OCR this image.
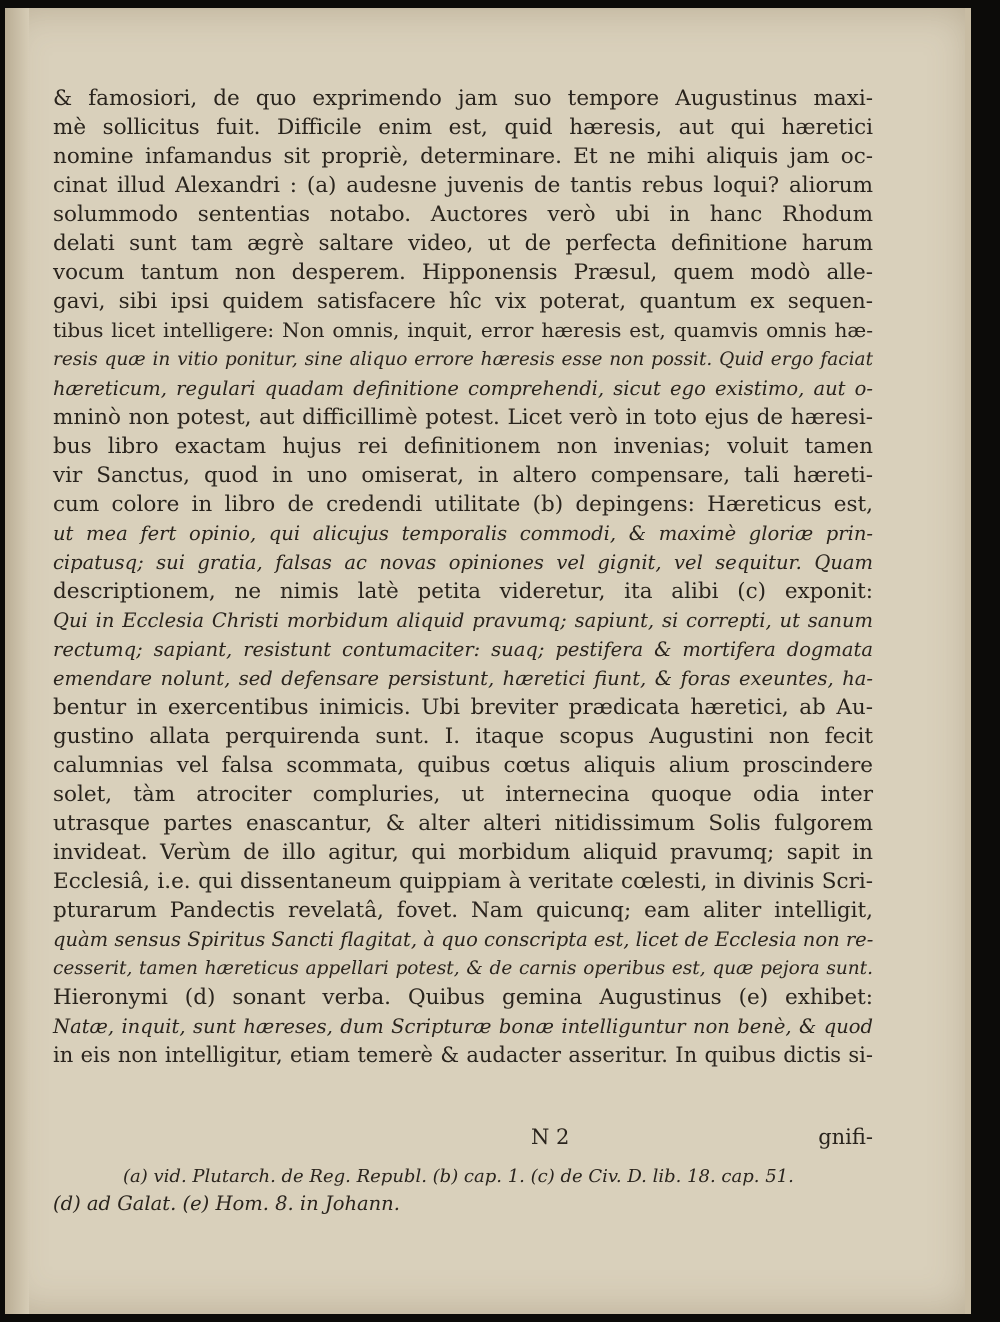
& famosiori, de quo exprimendo jam suo tempore Augustinus maxi-
mè sollicitus fuit. Difficile enim est, quid hæresis, aut qui hæretici
nomine infamandus sit propriè, determinare. Et ne mihi aliquis jam oc-
cinat illud Alexandri : (a) audesne juvenis de tantis rebus loqui? aliorum
solummodo sententias notabo. Auctores verò ubi in hanc Rhodum
delati sunt tam ægrè saltare video, ut de perfecta definitione harum
vocum tantum non desperem. Hipponensis Præsul, quem modò alle-
gavi, sibi ipsi quidem satisfacere hîc vix poterat, quantum ex sequen-
tibus licet intelligere: Non omnis, inquit, error hæresis est, quamvis omnis hæ-
resis quæ in vitio ponitur, sine aliquo errore hæresis esse non possit. Quid ergo faciat
hæreticum, regulari quadam definitione comprehendi, sicut ego existimo, aut o-
mninò non potest, aut difficillimè potest. Licet verò in toto ejus de hæresi-
bus libro exactam hujus rei definitionem non invenias; voluit tamen
vir Sanctus, quod in uno omiserat, in altero compensare, tali hæreti-
cum colore in libro de credendi utilitate (b) depingens: Hæreticus est,
ut mea fert opinio, qui alicujus temporalis commodi, & maximè gloriæ prin-
cipatusq; sui gratia, falsas ac novas opiniones vel gignit, vel sequitur. Quam
descriptionem, ne nimis latè petita videretur, ita alibi (c) exponit:
Qui in Ecclesia Christi morbidum aliquid pravumq; sapiunt, si correpti, ut sanum
rectumq; sapiant, resistunt contumaciter: suaq; pestifera & mortifera dogmata
emendare nolunt, sed defensare persistunt, hæretici fiunt, & foras exeuntes, ha-
bentur in exercentibus inimicis. Ubi breviter prædicata hæretici, ab Au-
gustino allata perquirenda sunt. I. itaque scopus Augustini non fecit
calumnias vel falsa scommata, quibus cœtus aliquis alium proscindere
solet, tàm atrociter compluries, ut internecina quoque odia inter
utrasque partes enascantur, & alter alteri nitidissimum Solis fulgorem
invideat. Verùm de illo agitur, qui morbidum aliquid pravumq; sapit in
Ecclesiâ, i.e. qui dissentaneum quippiam à veritate cœlesti, in divinis Scri-
pturarum Pandectis revelatâ, fovet. Nam quicunq; eam aliter intelligit,
quàm sensus Spiritus Sancti flagitat, à quo conscripta est, licet de Ecclesia non re-
cesserit, tamen hæreticus appellari potest, & de carnis operibus est, quæ pejora sunt.
Hieronymi (d) sonant verba. Quibus gemina Augustinus (e) exhibet:
Natæ, inquit, sunt hæreses, dum Scripturæ bonæ intelliguntur non benè, & quod
in eis non intelligitur, etiam temerè & audacter asseritur. In quibus dictis si-
N 2	gnifi-
(a) vid. Plutarch. de Reg. Republ. (b) cap. 1. (c) de Civ. D. lib. 18. cap. 51.
(d) ad Galat. (e) Hom. 8. in Johann.
